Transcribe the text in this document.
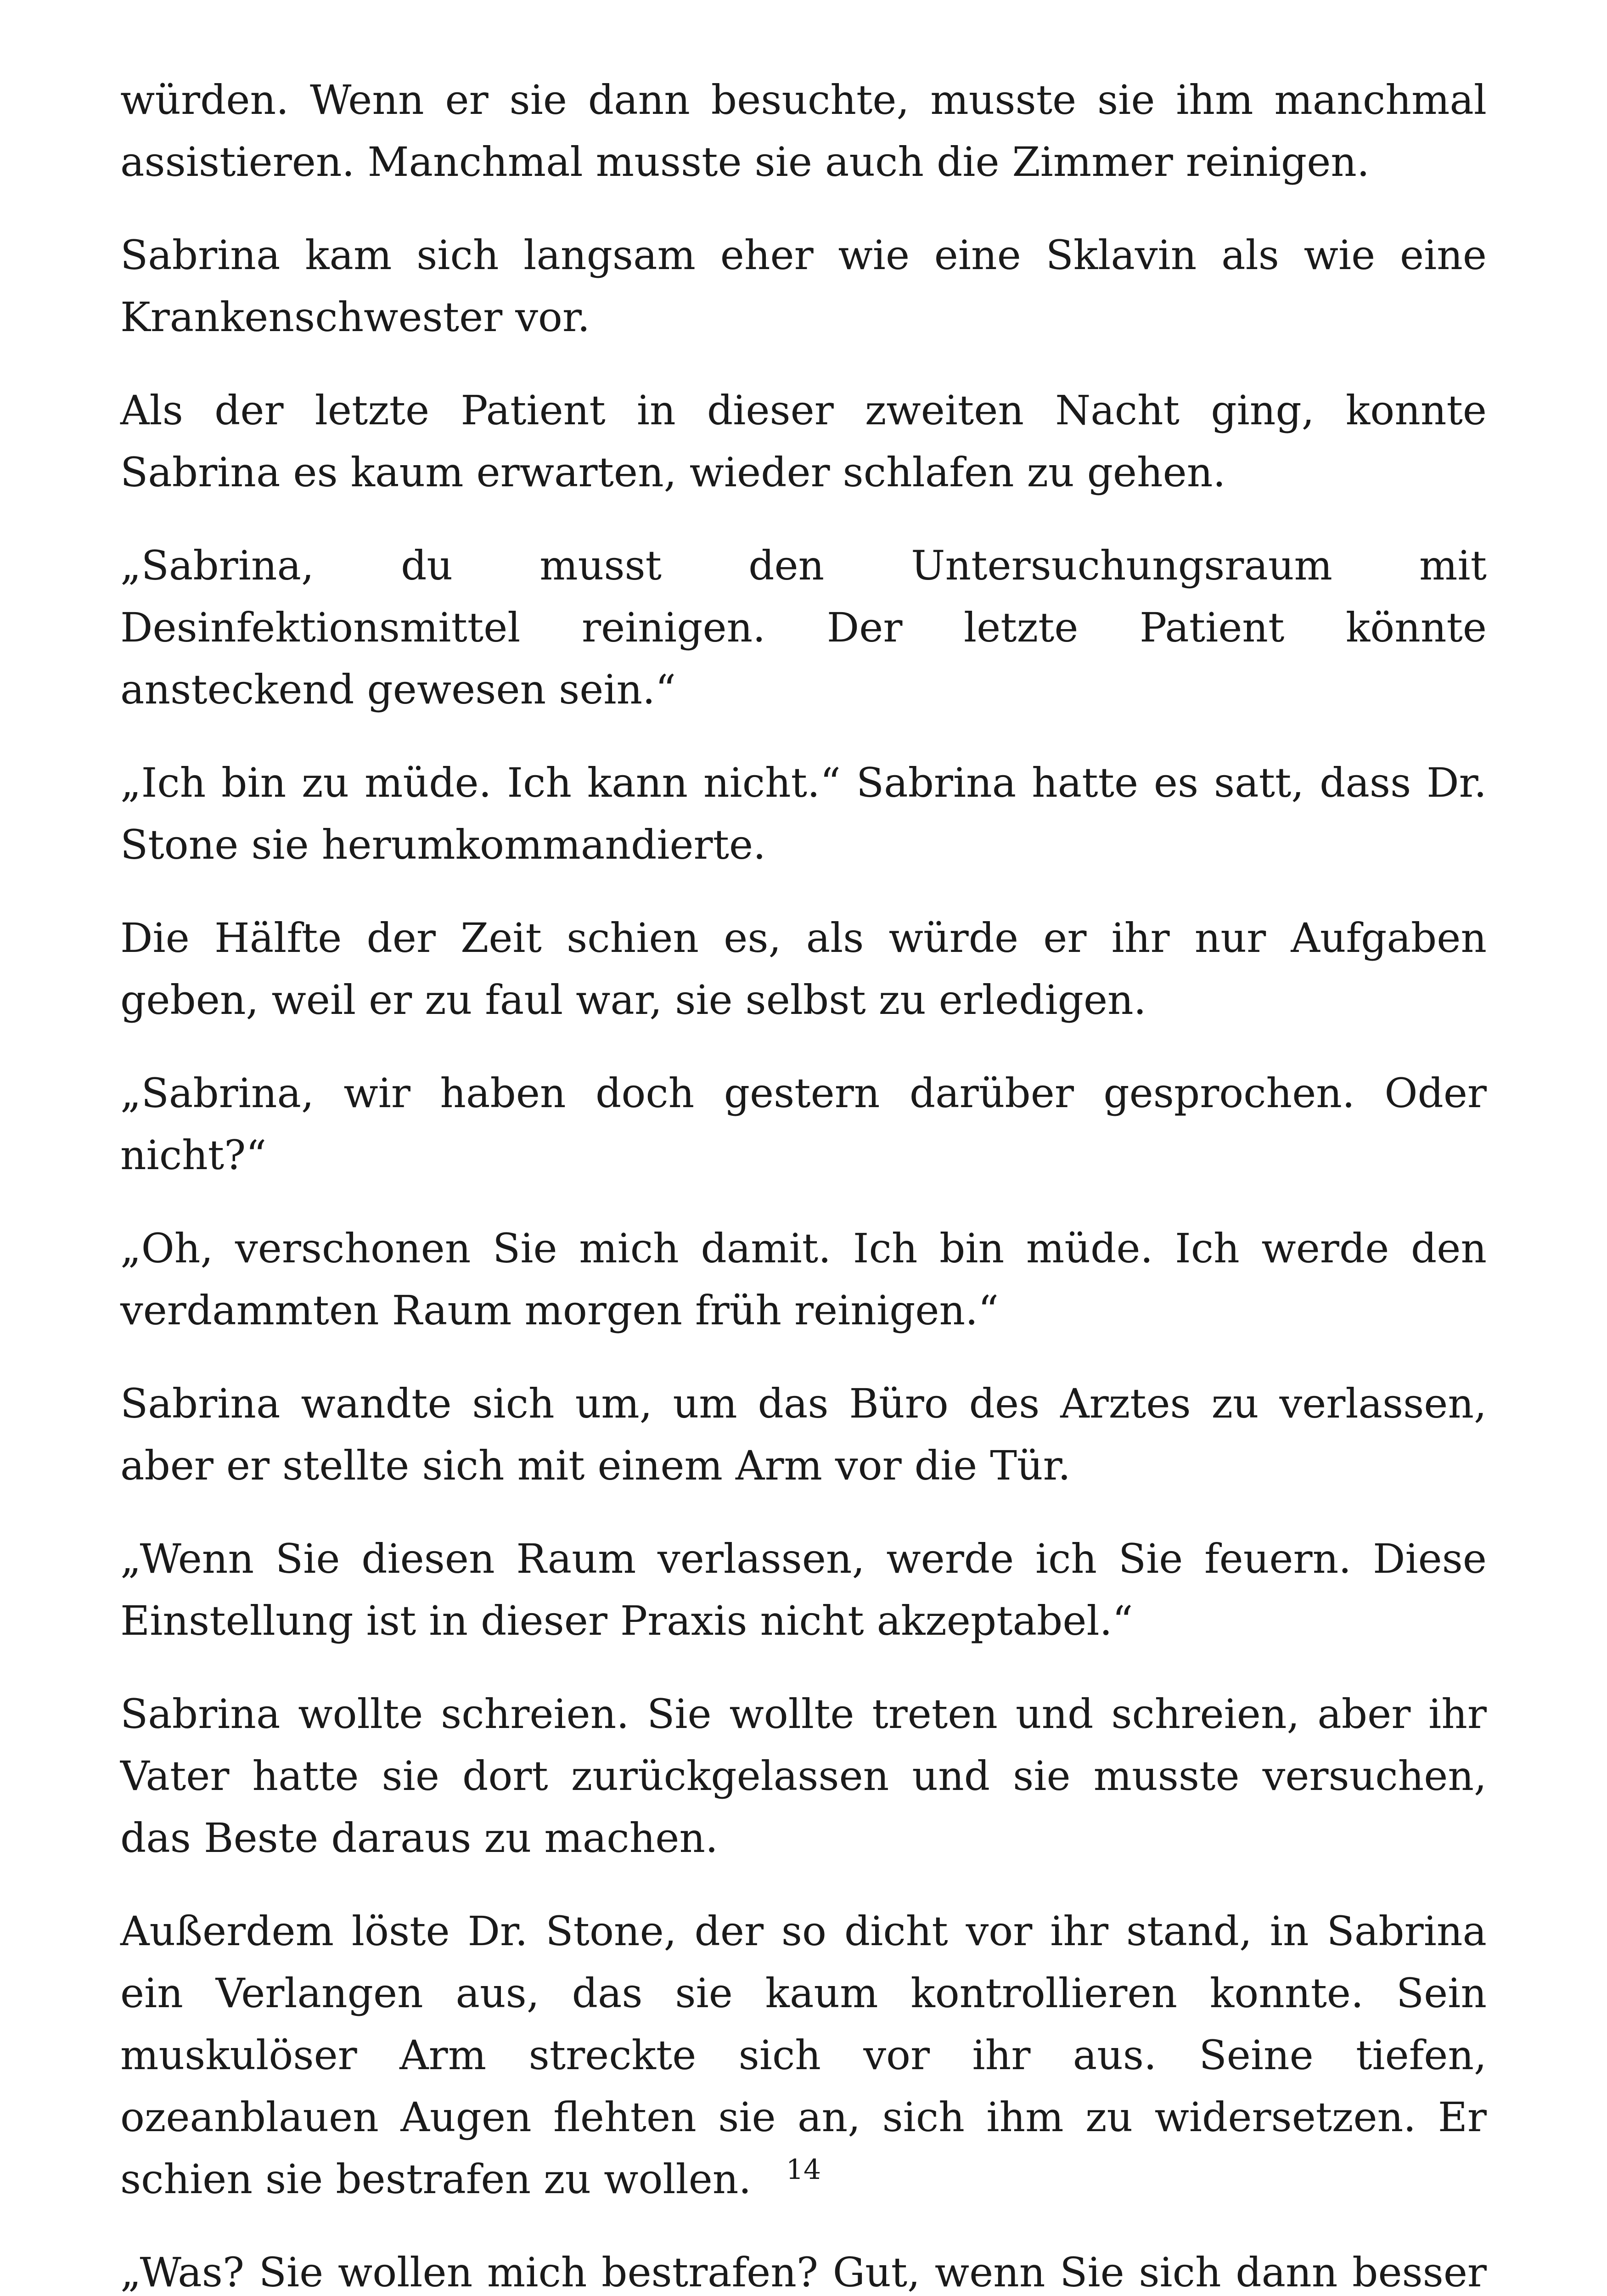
würden. Wenn er sie dann besuchte, musste sie ihm manchmal assistieren. Manchmal musste sie auch die Zimmer reinigen.

Sabrina kam sich langsam eher wie eine Sklavin als wie eine Krankenschwester vor.

Als der letzte Patient in dieser zweiten Nacht ging, konnte Sabrina es kaum erwarten, wieder schlafen zu gehen.

„Sabrina, du musst den Untersuchungsraum mit Desinfektionsmittel reinigen. Der letzte Patient könnte ansteckend gewesen sein.“

„Ich bin zu müde. Ich kann nicht.“ Sabrina hatte es satt, dass Dr. Stone sie herumkommandierte.

Die Hälfte der Zeit schien es, als würde er ihr nur Aufgaben geben, weil er zu faul war, sie selbst zu erledigen.

„Sabrina, wir haben doch gestern darüber gesprochen. Oder nicht?“

„Oh, verschonen Sie mich damit. Ich bin müde. Ich werde den verdammten Raum morgen früh reinigen.“

Sabrina wandte sich um, um das Büro des Arztes zu verlassen, aber er stellte sich mit einem Arm vor die Tür.

„Wenn Sie diesen Raum verlassen, werde ich Sie feuern. Diese Einstellung ist in dieser Praxis nicht akzeptabel.“

Sabrina wollte schreien. Sie wollte treten und schreien, aber ihr Vater hatte sie dort zurückgelassen und sie musste versuchen, das Beste daraus zu machen.

Außerdem löste Dr. Stone, der so dicht vor ihr stand, in Sabrina ein Verlangen aus, das sie kaum kontrollieren konnte. Sein muskulöser Arm streckte sich vor ihr aus. Seine tiefen, ozeanblauen Augen flehten sie an, sich ihm zu widersetzen. Er schien sie bestrafen zu wollen.

„Was? Sie wollen mich bestrafen? Gut, wenn Sie sich dann besser

14
